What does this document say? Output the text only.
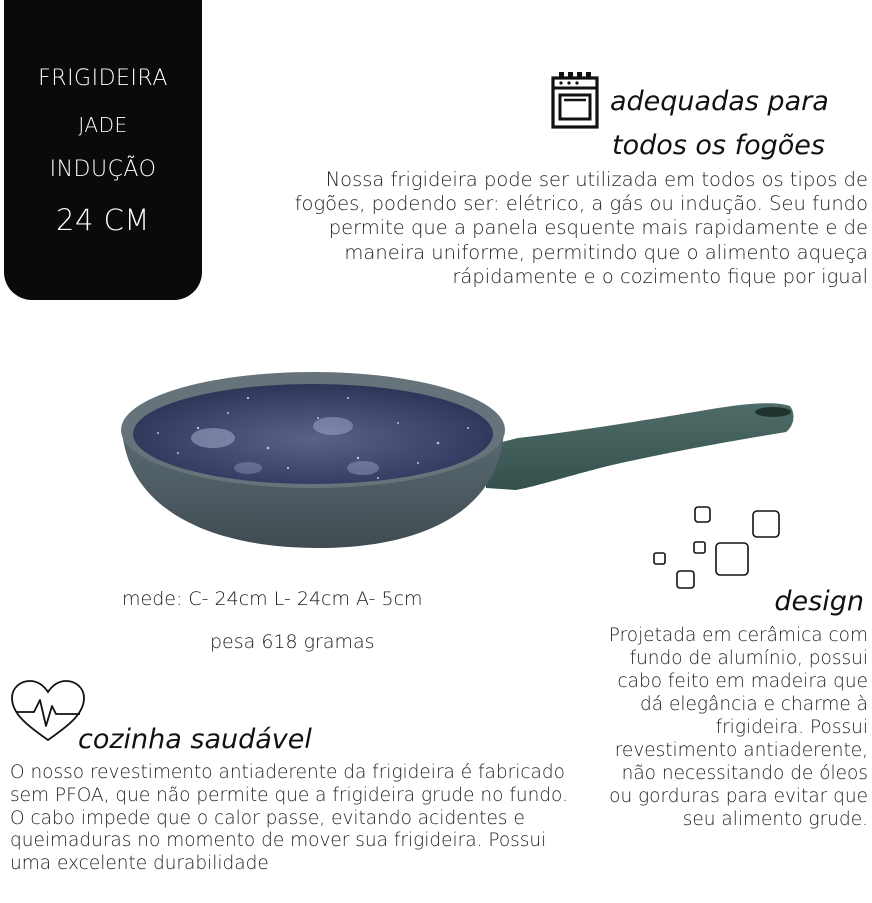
FRIGIDEIRA
JADE
INDUÇÃO
24 CM
adequadas para
todos os fogões
Nossa frigideira pode ser utilizada em todos os tipos de fogões, podendo ser: elétrico, a gás ou indução. Seu fundo permite que a panela esquente mais rapidamente e de maneira uniforme, permitindo que o alimento aqueça rápidamente e o cozimento fique por igual
mede: C- 24cm L- 24cm A- 5cm
pesa 618 gramas
design
Projetada em cerâmica com fundo de alumínio, possui cabo feito em madeira que dá elegância e charme à frigideira. Possui revestimento antiaderente, não necessitando de óleos ou gorduras para evitar que seu alimento grude.
cozinha saudável
O nosso revestimento antiaderente da frigideira é fabricado sem PFOA, que não permite que a frigideira grude no fundo. O cabo impede que o calor passe, evitando acidentes e queimaduras no momento de mover sua frigideira. Possui uma excelente durabilidade
